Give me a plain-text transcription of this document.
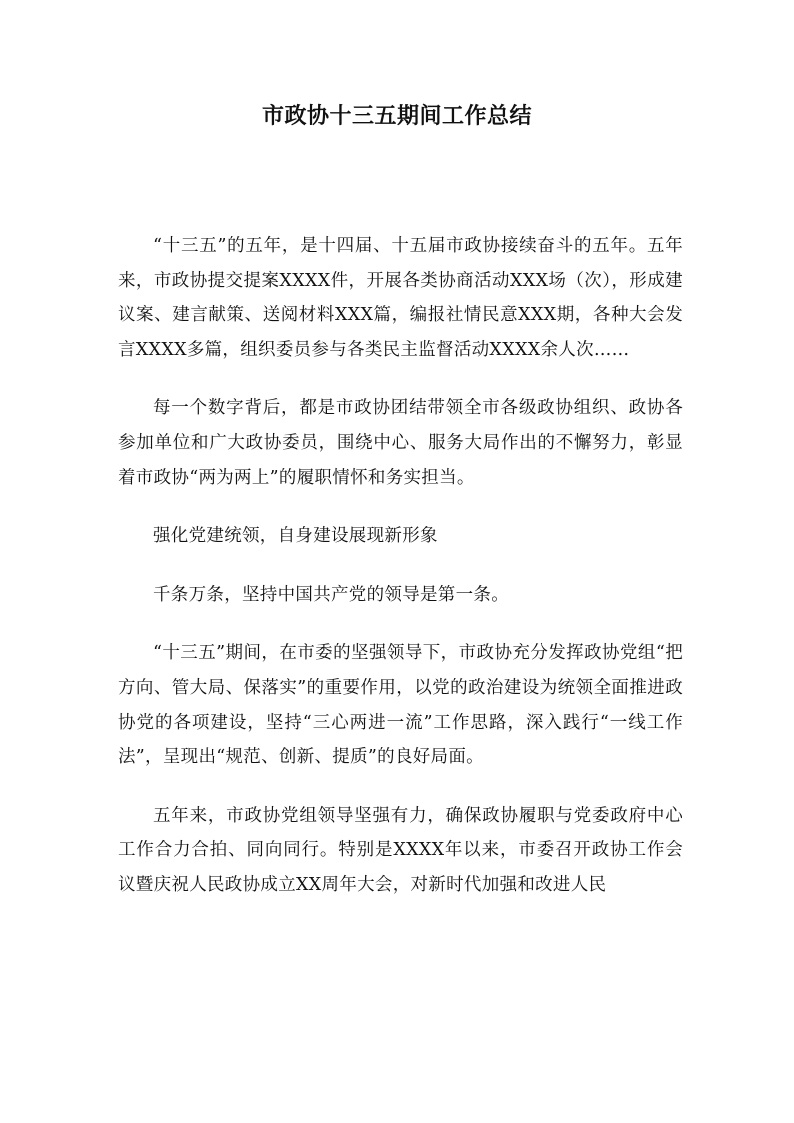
市政协十三五期间工作总结

“十三五”的五年，是十四届、十五届市政协接续奋斗的五年。五年来，市政协提交提案XXXX件，开展各类协商活动XXX场（次），形成建议案、建言献策、送阅材料XXX篇，编报社情民意XXX期，各种大会发言XXXX多篇，组织委员参与各类民主监督活动XXXX余人次……

每一个数字背后，都是市政协团结带领全市各级政协组织、政协各参加单位和广大政协委员，围绕中心、服务大局作出的不懈努力，彰显着市政协“两为两上”的履职情怀和务实担当。

强化党建统领，自身建设展现新形象

千条万条，坚持中国共产党的领导是第一条。

“十三五”期间，在市委的坚强领导下，市政协充分发挥政协党组“把方向、管大局、保落实”的重要作用，以党的政治建设为统领全面推进政协党的各项建设，坚持“三心两进一流”工作思路，深入践行“一线工作法”，呈现出“规范、创新、提质”的良好局面。

五年来，市政协党组领导坚强有力，确保政协履职与党委政府中心工作合力合拍、同向同行。特别是XXXX年以来，市委召开政协工作会议暨庆祝人民政协成立XX周年大会，对新时代加强和改进人民
